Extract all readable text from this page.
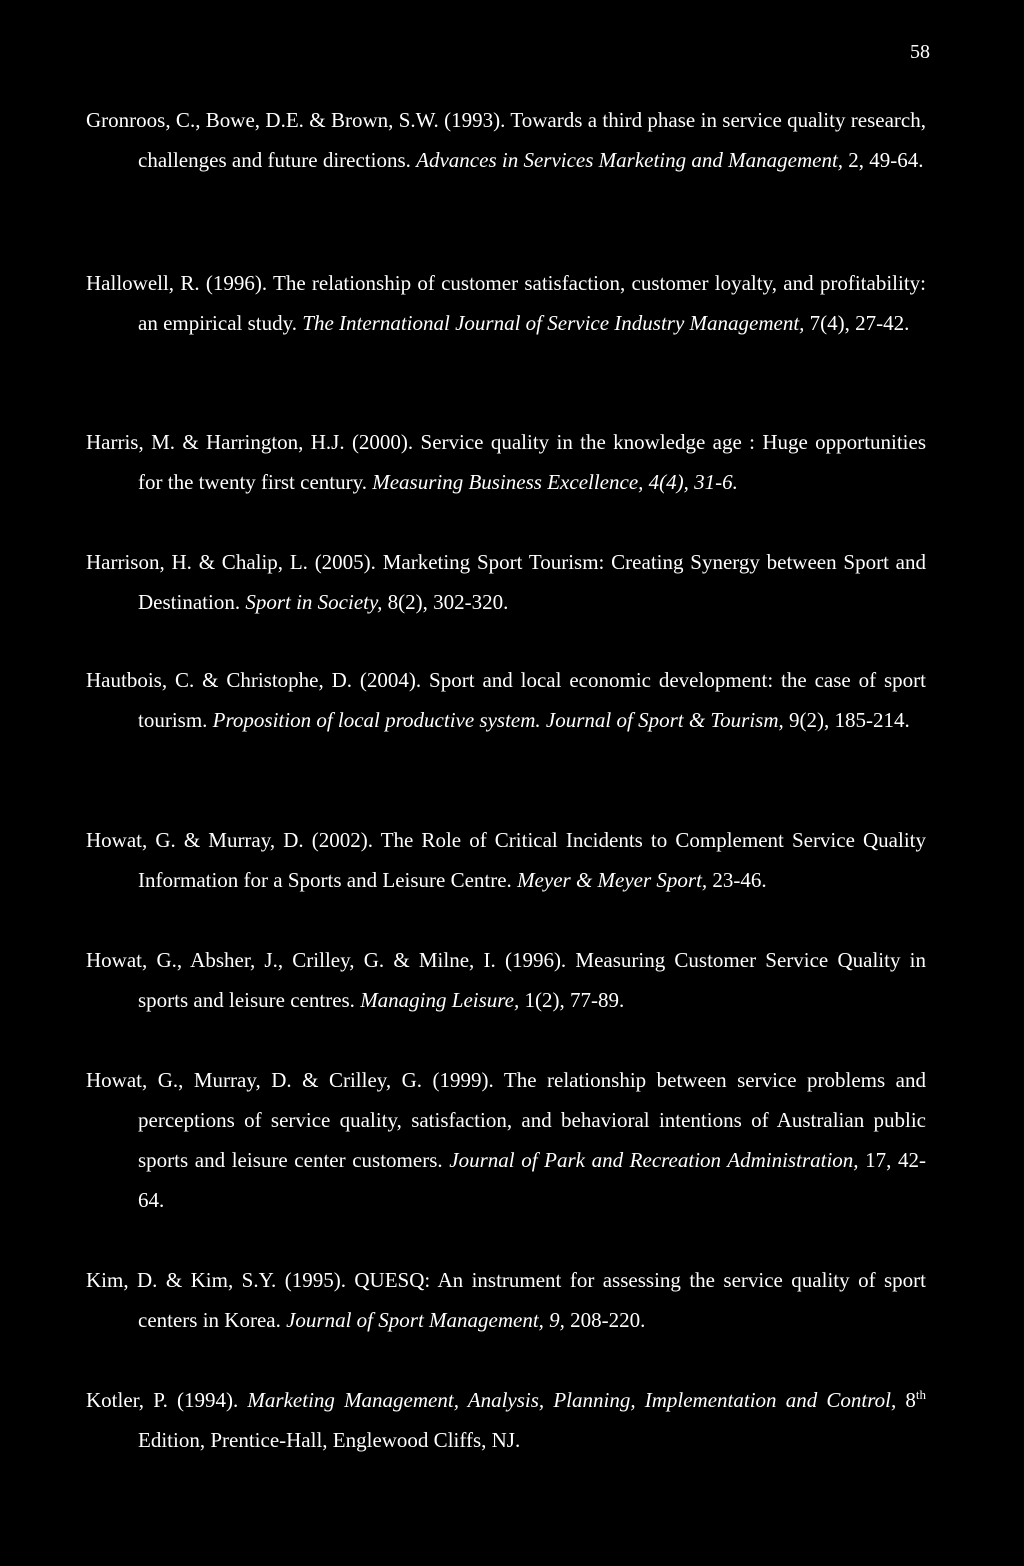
58
Gronroos, C., Bowe, D.E. & Brown, S.W. (1993). Towards a third phase in service quality research, challenges and future directions. Advances in Services Marketing and Management, 2, 49-64.
Hallowell, R. (1996). The relationship of customer satisfaction, customer loyalty, and profitability: an empirical study. The International Journal of Service Industry Management, 7(4), 27-42.
Harris, M. & Harrington, H.J. (2000). Service quality in the knowledge age : Huge opportunities for the twenty first century. Measuring Business Excellence, 4(4), 31-6.
Harrison, H. & Chalip, L. (2005). Marketing Sport Tourism: Creating Synergy between Sport and Destination. Sport in Society, 8(2), 302-320.
Hautbois, C. & Christophe, D. (2004). Sport and local economic development: the case of sport tourism. Proposition of local productive system. Journal of Sport & Tourism, 9(2), 185-214.
Howat, G. & Murray, D. (2002). The Role of Critical Incidents to Complement Service Quality Information for a Sports and Leisure Centre. Meyer & Meyer Sport, 23-46.
Howat, G., Absher, J., Crilley, G. & Milne, I. (1996). Measuring Customer Service Quality in sports and leisure centres. Managing Leisure, 1(2), 77-89.
Howat, G., Murray, D. & Crilley, G. (1999). The relationship between service problems and perceptions of service quality, satisfaction, and behavioral intentions of Australian public sports and leisure center customers. Journal of Park and Recreation Administration, 17, 42-64.
Kim, D. & Kim, S.Y. (1995). QUESQ: An instrument for assessing the service quality of sport centers in Korea. Journal of Sport Management, 9, 208-220.
Kotler, P. (1994). Marketing Management, Analysis, Planning, Implementation and Control, 8th Edition, Prentice-Hall, Englewood Cliffs, NJ.
